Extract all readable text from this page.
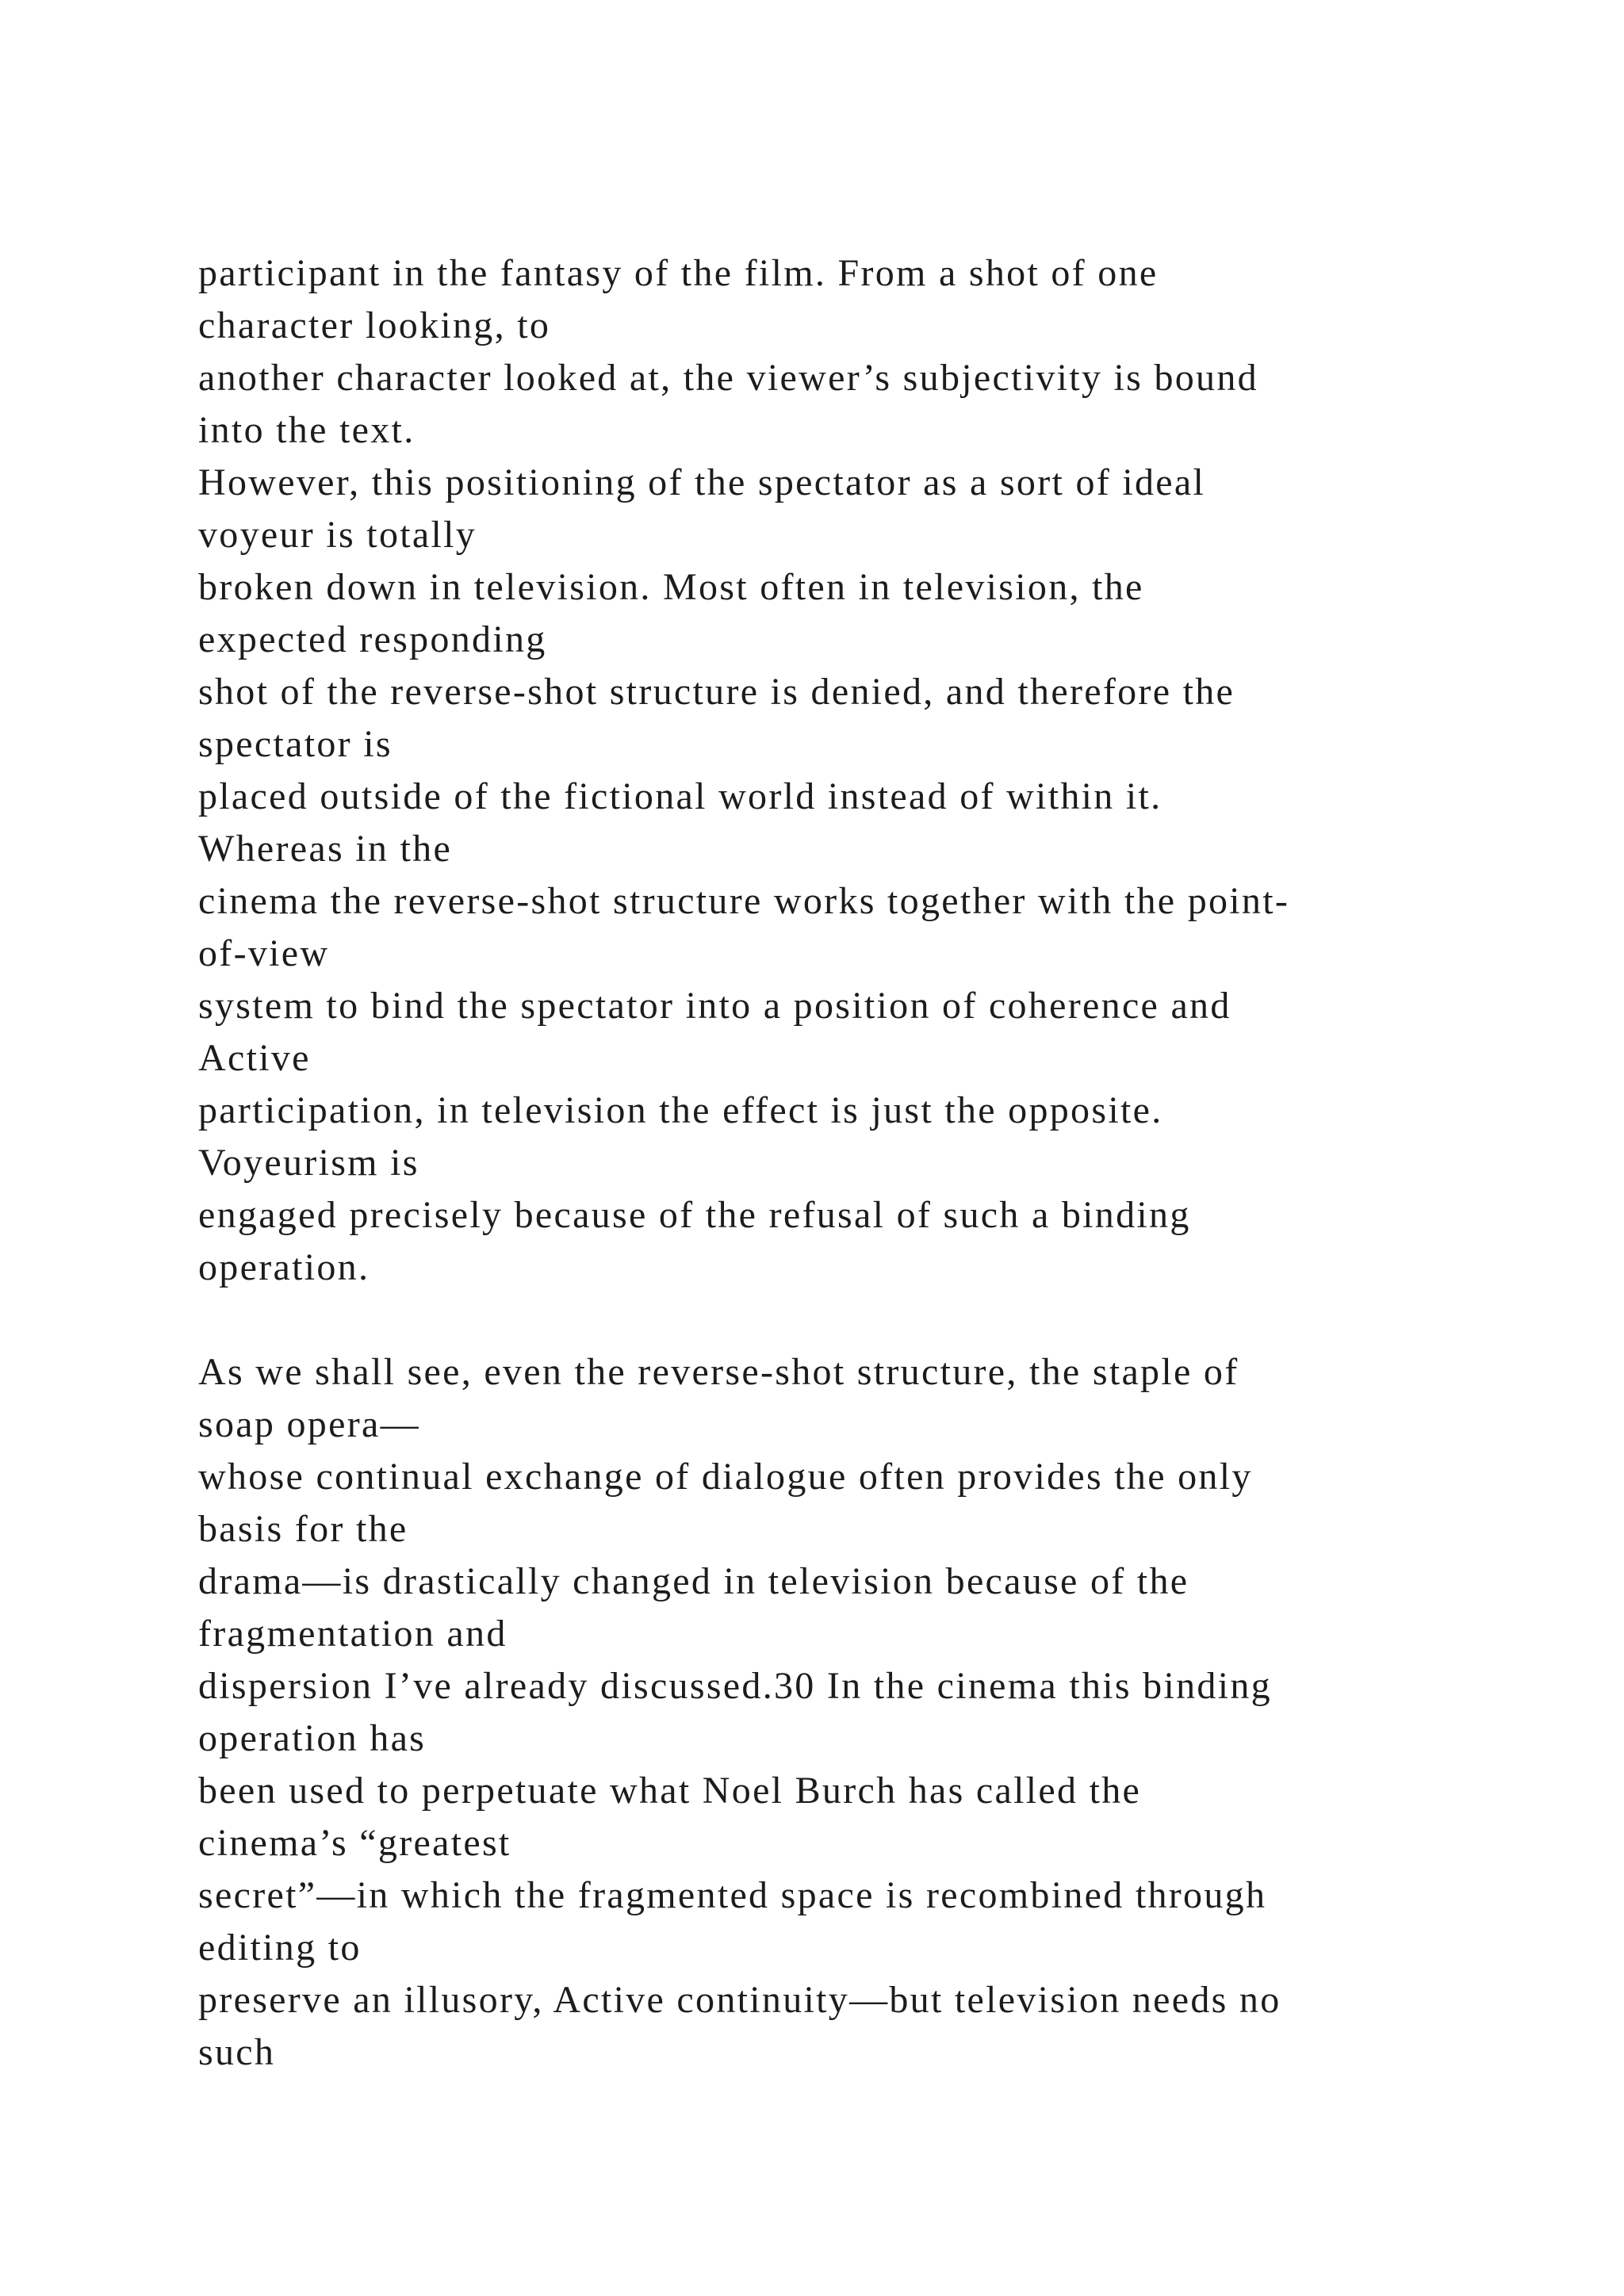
participant in the fantasy of the film. From a shot of one
character looking, to
another character looked at, the viewer’s subjectivity is bound
into the text.
However, this positioning of the spectator as a sort of ideal
voyeur is totally
broken down in television. Most often in television, the
expected responding
shot of the reverse-shot structure is denied, and therefore the
spectator is
placed outside of the fictional world instead of within it.
Whereas in the
cinema the reverse-shot structure works together with the point-
of-view
system to bind the spectator into a position of coherence and
Active
participation, in television the effect is just the opposite.
Voyeurism is
engaged precisely because of the refusal of such a binding
operation.
As we shall see, even the reverse-shot structure, the staple of
soap opera—
whose continual exchange of dialogue often provides the only
basis for the
drama—is drastically changed in television because of the
fragmentation and
dispersion I’ve already discussed.30 In the cinema this binding
operation has
been used to perpetuate what Noel Burch has called the
cinema’s “greatest
secret”—in which the fragmented space is recombined through
editing to
preserve an illusory, Active continuity—but television needs no
such
